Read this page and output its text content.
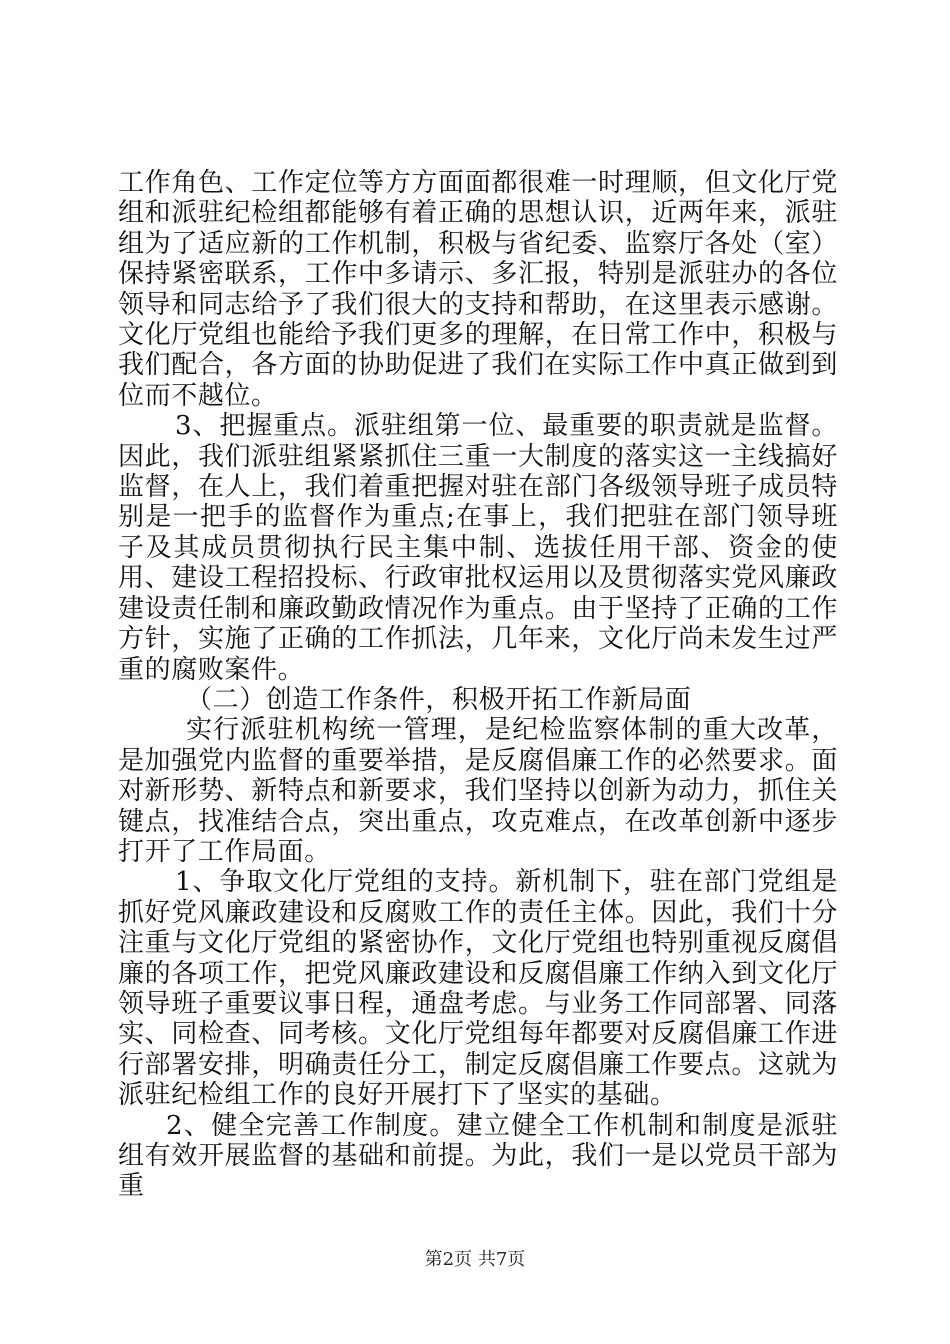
工作角色、工作定位等方方面面都很难一时理顺，但文化厅党组和派驻纪检组都能够有着正确的思想认识，近两年来，派驻组为了适应新的工作机制，积极与省纪委、监察厅各处（室）保持紧密联系，工作中多请示、多汇报，特别是派驻办的各位领导和同志给予了我们很大的支持和帮助，在这里表示感谢。文化厅党组也能给予我们更多的理解，在日常工作中，积极与我们配合，各方面的协助促进了我们在实际工作中真正做到到位而不越位。

3、把握重点。派驻组第一位、最重要的职责就是监督。因此，我们派驻组紧紧抓住三重一大制度的落实这一主线搞好监督，在人上，我们着重把握对驻在部门各级领导班子成员特别是一把手的监督作为重点;在事上，我们把驻在部门领导班子及其成员贯彻执行民主集中制、选拔任用干部、资金的使用、建设工程招投标、行政审批权运用以及贯彻落实党风廉政建设责任制和廉政勤政情况作为重点。由于坚持了正确的工作方针，实施了正确的工作抓法，几年来，文化厅尚未发生过严重的腐败案件。

（二）创造工作条件，积极开拓工作新局面

实行派驻机构统一管理，是纪检监察体制的重大改革，是加强党内监督的重要举措，是反腐倡廉工作的必然要求。面对新形势、新特点和新要求，我们坚持以创新为动力，抓住关键点，找准结合点，突出重点，攻克难点，在改革创新中逐步打开了工作局面。

1、争取文化厅党组的支持。新机制下，驻在部门党组是抓好党风廉政建设和反腐败工作的责任主体。因此，我们十分注重与文化厅党组的紧密协作，文化厅党组也特别重视反腐倡廉的各项工作，把党风廉政建设和反腐倡廉工作纳入到文化厅领导班子重要议事日程，通盘考虑。与业务工作同部署、同落实、同检查、同考核。文化厅党组每年都要对反腐倡廉工作进行部署安排，明确责任分工，制定反腐倡廉工作要点。这就为派驻纪检组工作的良好开展打下了坚实的基础。

2、健全完善工作制度。建立健全工作机制和制度是派驻组有效开展监督的基础和前提。为此，我们一是以党员干部为重

第2页 共7页
